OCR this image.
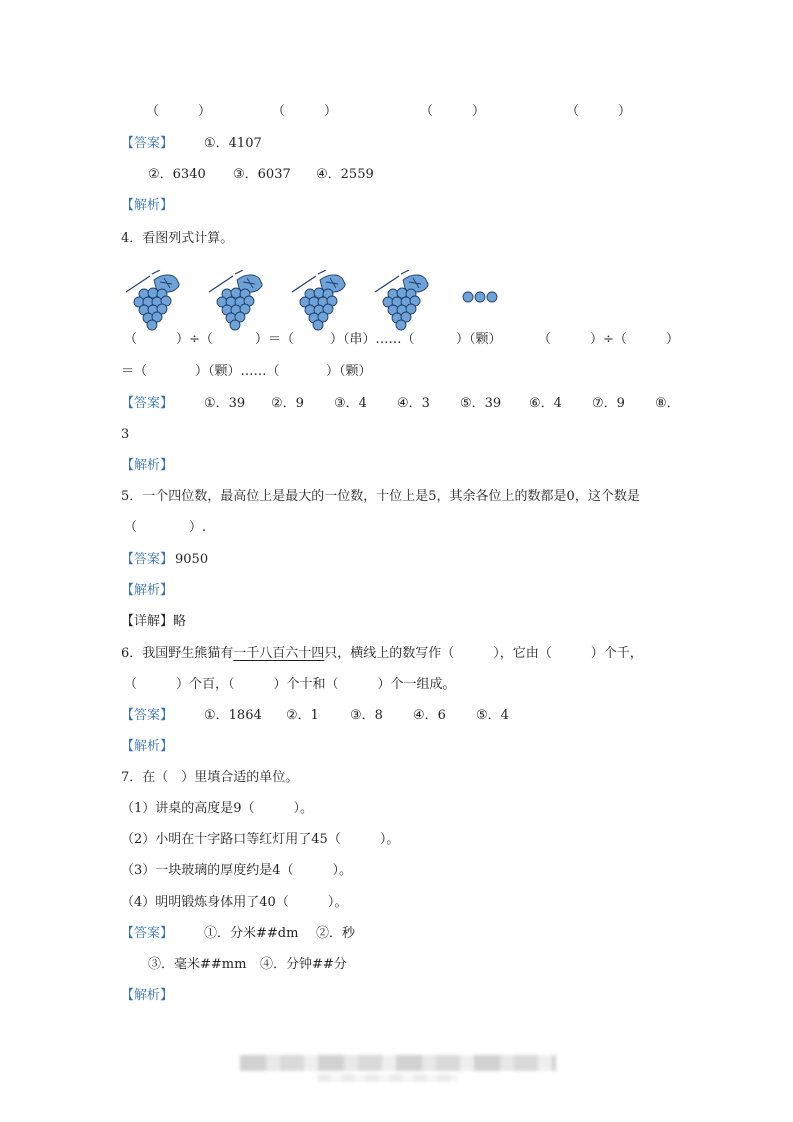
（　　　）	（　　　）	（　　　）	（　　　）
【答案】 ①．4107
②．6340 ③．6037 ④．2559
【解析】
4．看图列式计算。
（	）÷（	）＝（	）（串）……（	）（颗）	（	）÷（	）
＝（	）（颗）……（	）（颗）
【答案】 ①．39 ②．9 ③．4 ④．3 ⑤．39 ⑥．4 ⑦．9 ⑧．
3
【解析】
5．一个四位数，最高位上是最大的一位数，十位上是5，其余各位上的数都是0，这个数是
（　　　　）.
【答案】 9050
【解析】
【详解】略
6．我国野生熊猫有一千八百六十四只，横线上的数写作（　　　），它由（　　　）个千，
（　　　）个百，（　　　）个十和（　　　）个一组成。
【答案】 ①．1864 ②．1 ③．8 ④．6 ⑤．4
【解析】
7．在（　）里填合适的单位。
（1）讲桌的高度是9（　　　）。
（2）小明在十字路口等红灯用了45（　　　）。
（3）一块玻璃的厚度约是4（　　　）。
（4）明明锻炼身体用了40（　　　）。
【答案】 ①．分米##dm ②．秒
③．毫米##mm ④．分钟##分
【解析】
